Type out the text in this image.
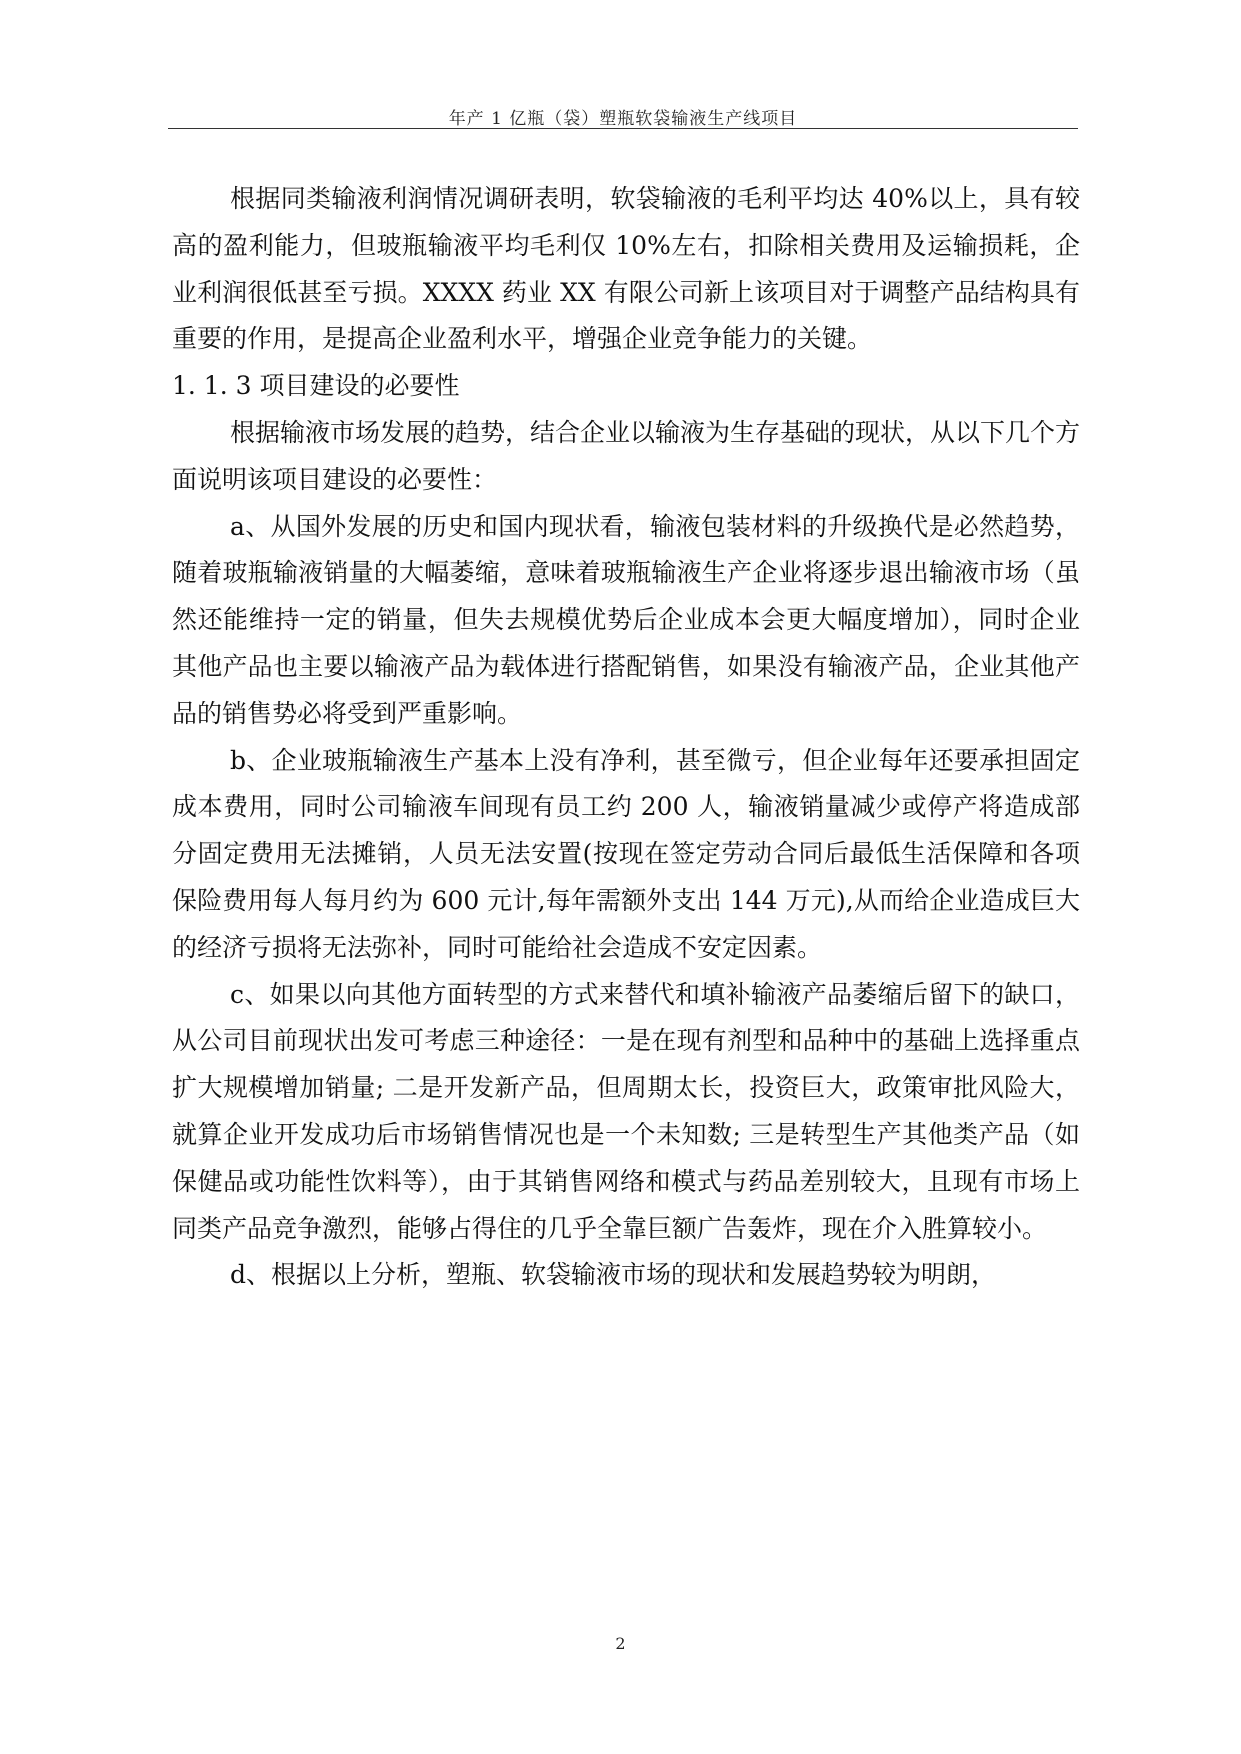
年产 1 亿瓶（袋）塑瓶软袋输液生产线项目

根据同类输液利润情况调研表明，软袋输液的毛利平均达 40%以上，具有较高的盈利能力，但玻瓶输液平均毛利仅 10%左右，扣除相关费用及运输损耗，企业利润很低甚至亏损。XXXX 药业 XX 有限公司新上该项目对于调整产品结构具有重要的作用，是提高企业盈利水平，增强企业竞争能力的关键。

1. 1. 3 项目建设的必要性

根据输液市场发展的趋势，结合企业以输液为生存基础的现状，从以下几个方面说明该项目建设的必要性：

a、从国外发展的历史和国内现状看，输液包装材料的升级换代是必然趋势，随着玻瓶输液销量的大幅萎缩，意味着玻瓶输液生产企业将逐步退出输液市场（虽然还能维持一定的销量，但失去规模优势后企业成本会更大幅度增加），同时企业其他产品也主要以输液产品为载体进行搭配销售，如果没有输液产品，企业其他产品的销售势必将受到严重影响。

b、企业玻瓶输液生产基本上没有净利，甚至微亏，但企业每年还要承担固定成本费用，同时公司输液车间现有员工约 200 人，输液销量减少或停产将造成部分固定费用无法摊销，人员无法安置(按现在签定劳动合同后最低生活保障和各项保险费用每人每月约为 600 元计,每年需额外支出 144 万元),从而给企业造成巨大的经济亏损将无法弥补，同时可能给社会造成不安定因素。

c、如果以向其他方面转型的方式来替代和填补输液产品萎缩后留下的缺口，从公司目前现状出发可考虑三种途径：一是在现有剂型和品种中的基础上选择重点扩大规模增加销量; 二是开发新产品，但周期太长，投资巨大，政策审批风险大，就算企业开发成功后市场销售情况也是一个未知数; 三是转型生产其他类产品（如保健品或功能性饮料等），由于其销售网络和模式与药品差别较大，且现有市场上同类产品竞争激烈，能够占得住的几乎全靠巨额广告轰炸，现在介入胜算较小。

d、根据以上分析，塑瓶、软袋输液市场的现状和发展趋势较为明朗，

2
